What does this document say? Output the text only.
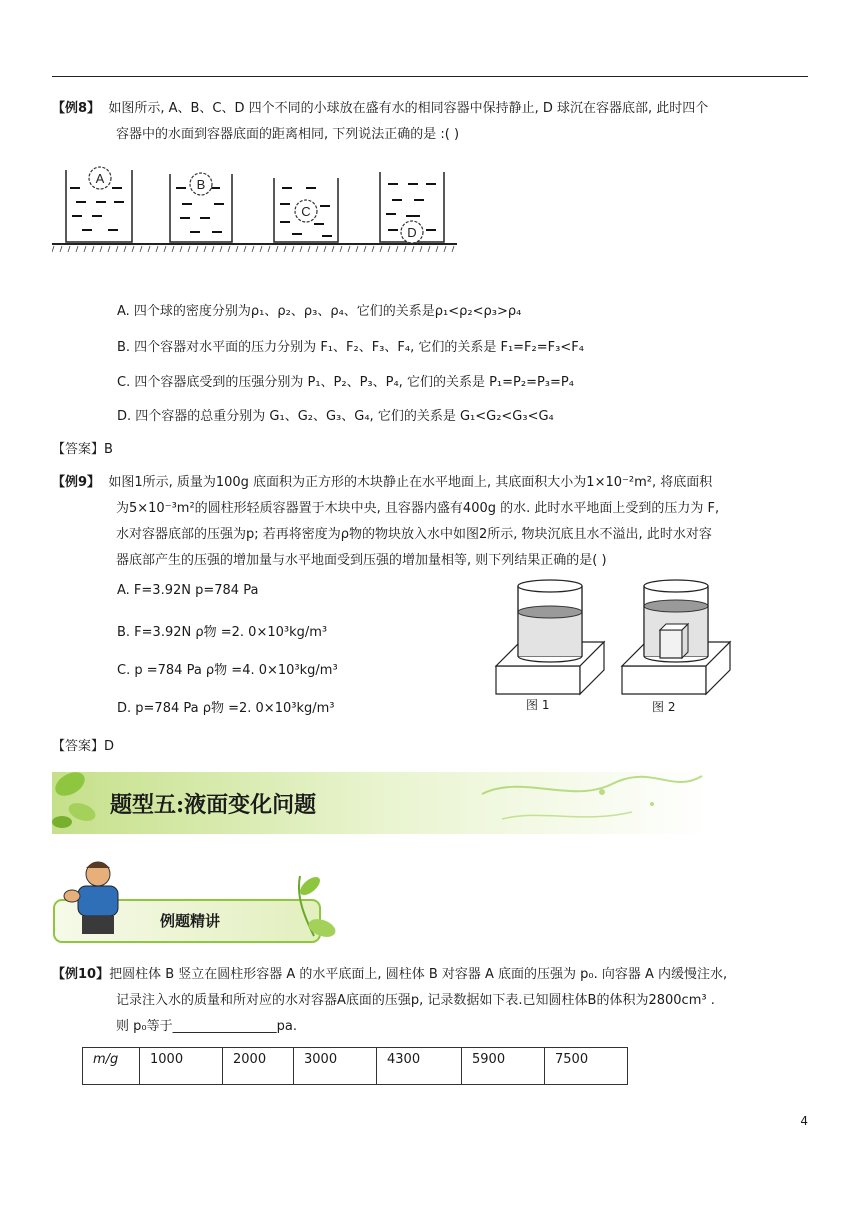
【例8】 如图所示, A、B、C、D 四个不同的小球放在盛有水的相同容器中保持静止, D 球沉在容器底部, 此时四个
容器中的水面到容器底面的距离相同, 下列说法正确的是 :( )
A	B
C
D
A. 四个球的密度分别为ρ₁、ρ₂、ρ₃、ρ₄、它们的关系是ρ₁<ρ₂<ρ₃>ρ₄
B. 四个容器对水平面的压力分别为 F₁、F₂、F₃、F₄, 它们的关系是 F₁=F₂=F₃<F₄
C. 四个容器底受到的压强分别为 P₁、P₂、P₃、P₄, 它们的关系是 P₁=P₂=P₃=P₄
D. 四个容器的总重分别为 G₁、G₂、G₃、G₄, 它们的关系是 G₁<G₂<G₃<G₄
【答案】B
【例9】 如图1所示, 质量为100g 底面积为正方形的木块静止在水平地面上, 其底面积大小为1×10⁻²m², 将底面积
为5×10⁻³m²的圆柱形轻质容器置于木块中央, 且容器内盛有400g 的水. 此时水平地面上受到的压力为 F,
水对容器底部的压强为p; 若再将密度为ρ物的物块放入水中如图2所示, 物块沉底且水不溢出, 此时水对容
器底部产生的压强的增加量与水平地面受到压强的增加量相等, 则下列结果正确的是( )
A. F=3.92N p=784 Pa
B. F=3.92N ρ物 =2. 0×10³kg/m³
C. p =784 Pa ρ物 =4. 0×10³kg/m³
D. p=784 Pa ρ物 =2. 0×10³kg/m³	图 1	图 2
【答案】D
题型五:液面变化问题
例题精讲
【例10】把圆柱体 B 竖立在圆柱形容器 A 的水平底面上, 圆柱体 B 对容器 A 底面的压强为 p₀. 向容器 A 内缓慢注水,
记录注入水的质量和所对应的水对容器A底面的压强p, 记录数据如下表.已知圆柱体B的体积为2800cm³ .
则 p₀等于________________pa.
m/g	1000	2000	3000	4300	5900	7500
4
